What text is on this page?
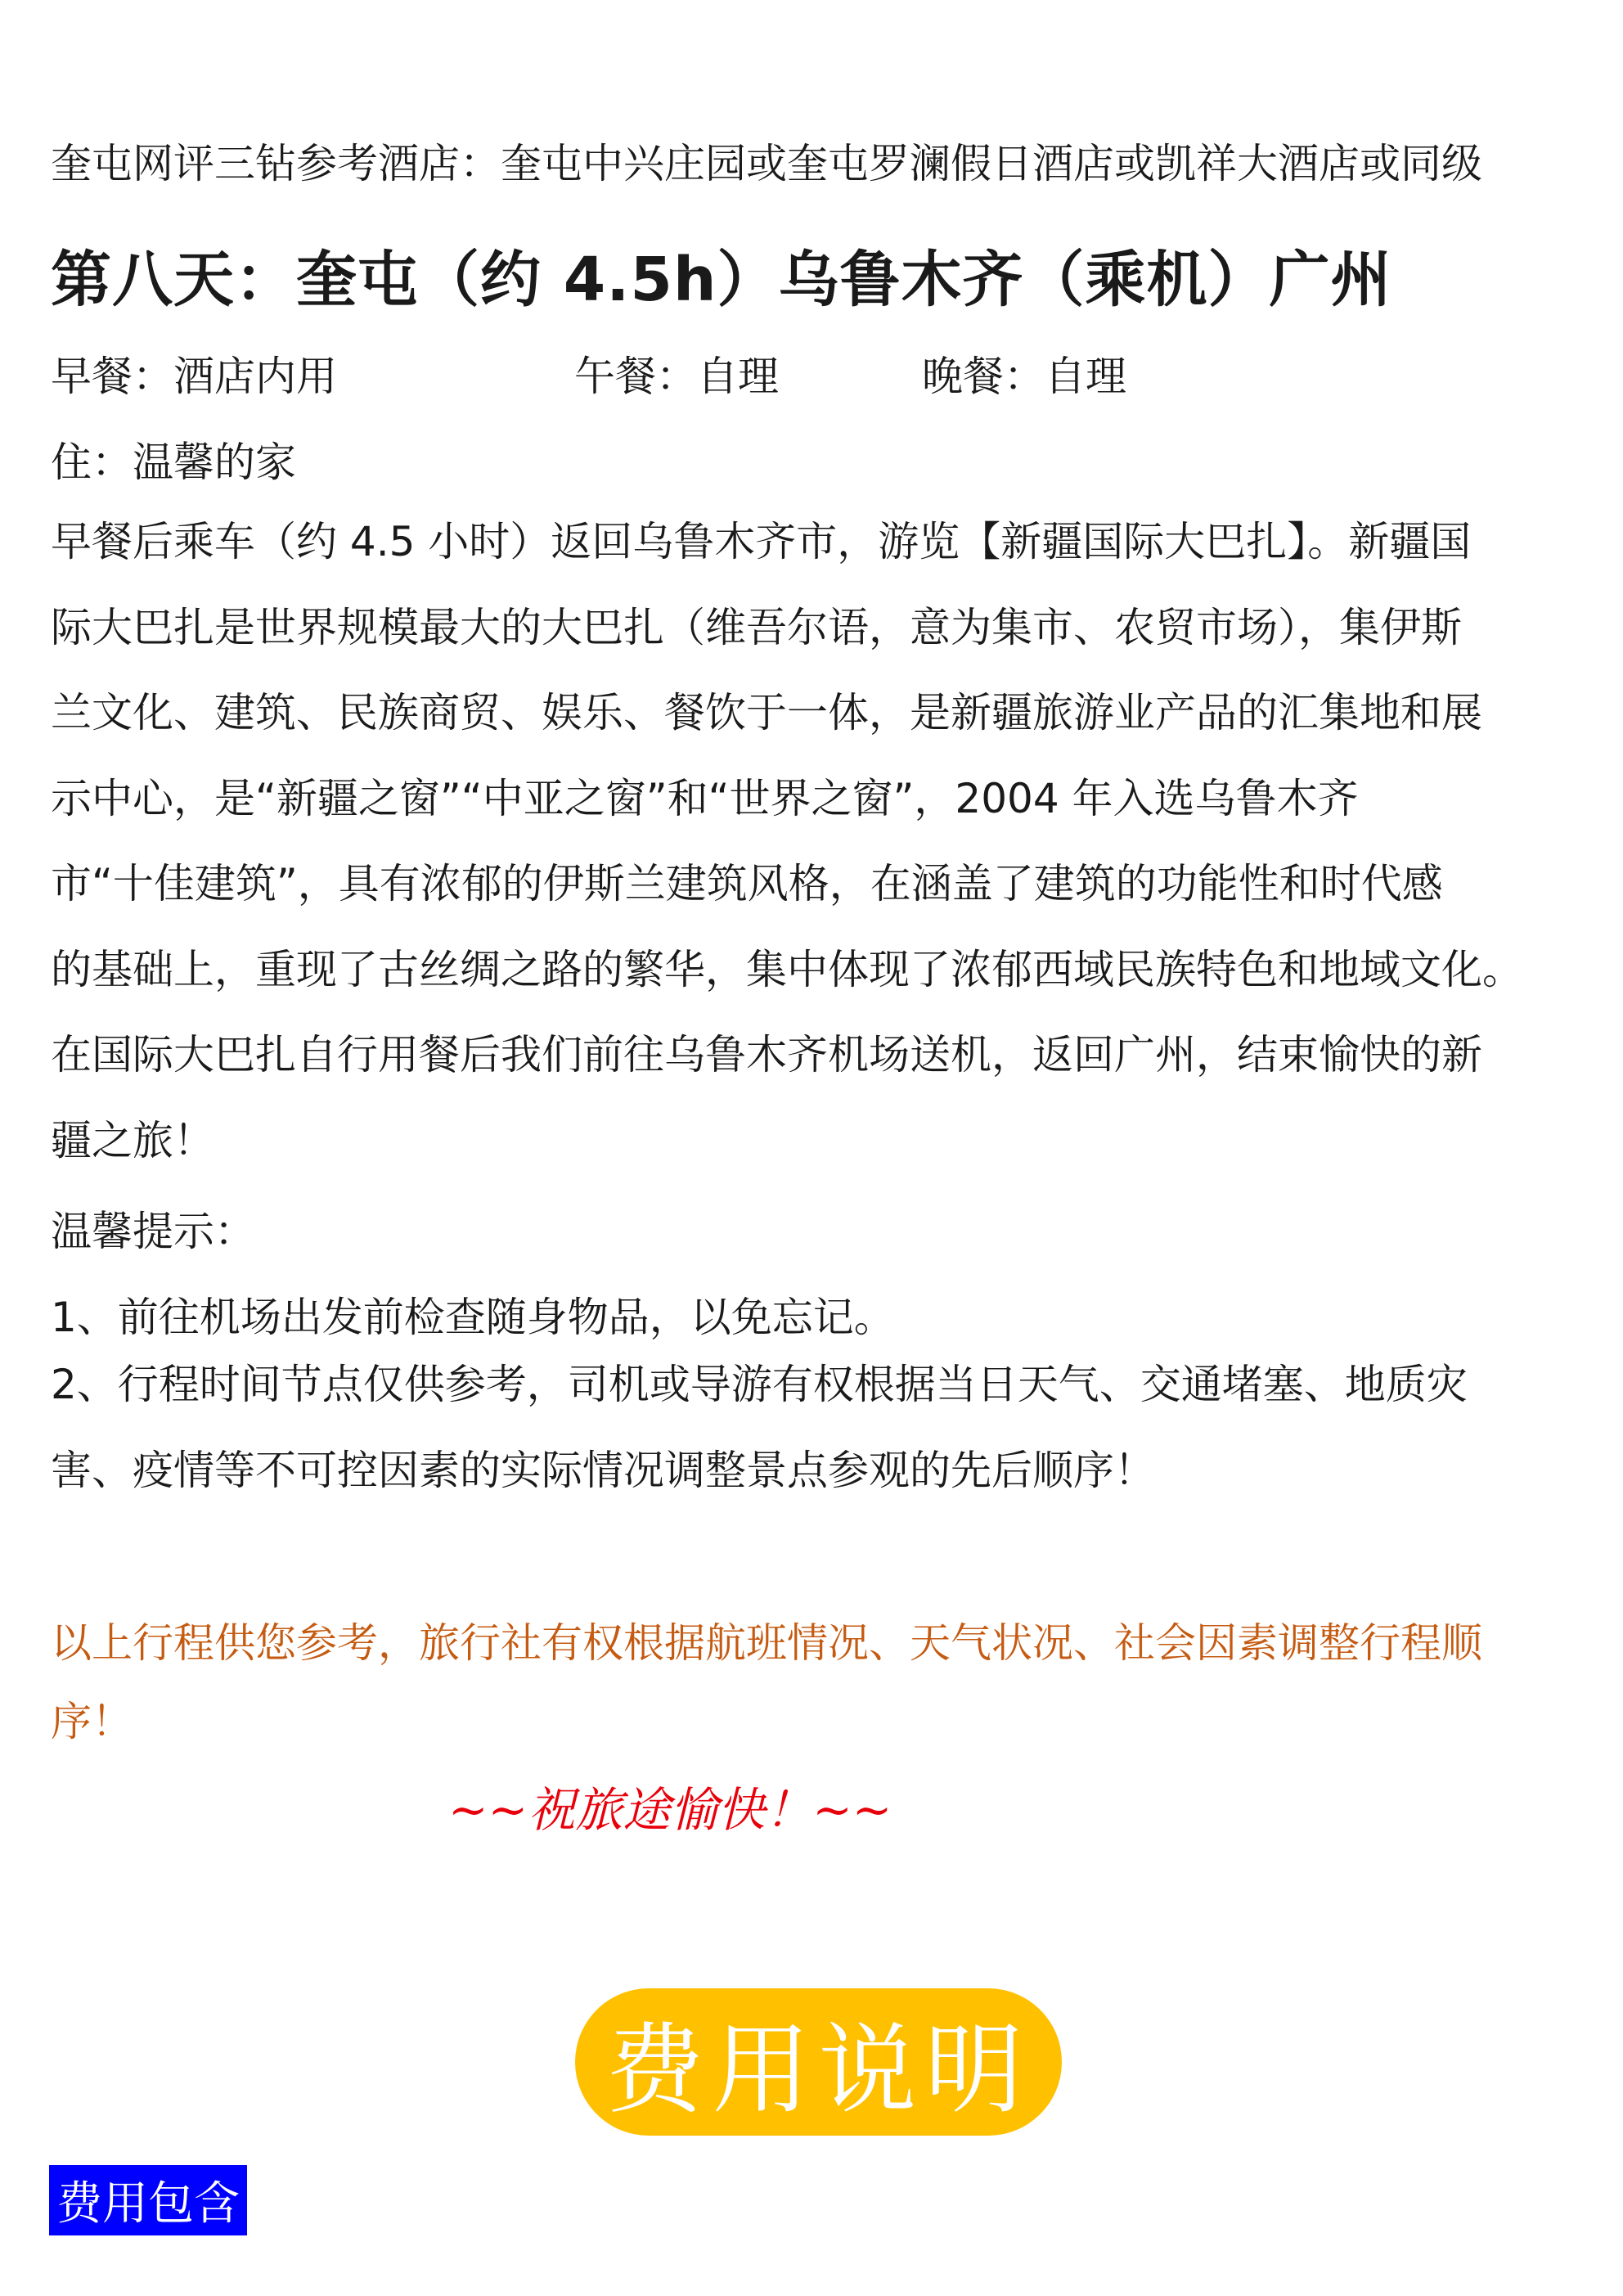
奎屯网评三钻参考酒店：奎屯中兴庄园或奎屯罗澜假日酒店或凯祥大酒店或同级
第八天：奎屯（约 4.5h）乌鲁木齐（乘机）广州
早餐：酒店内用	午餐：自理	晚餐：自理
住：温馨的家
早餐后乘车（约 4.5 小时）返回乌鲁木齐市，游览【新疆国际大巴扎】。新疆国
际大巴扎是世界规模最大的大巴扎（维吾尔语，意为集市、农贸市场），集伊斯
兰文化、建筑、民族商贸、娱乐、餐饮于一体，是新疆旅游业产品的汇集地和展
示中心，是“新疆之窗”“中亚之窗”和“世界之窗”，2004 年入选乌鲁木齐
市“十佳建筑”，具有浓郁的伊斯兰建筑风格，在涵盖了建筑的功能性和时代感
的基础上，重现了古丝绸之路的繁华，集中体现了浓郁西域民族特色和地域文化。
在国际大巴扎自行用餐后我们前往乌鲁木齐机场送机，返回广州，结束愉快的新
疆之旅！
温馨提示：
1、前往机场出发前检查随身物品，以免忘记。
2、行程时间节点仅供参考，司机或导游有权根据当日天气、交通堵塞、地质灾
害、疫情等不可控因素的实际情况调整景点参观的先后顺序！
以上行程供您参考，旅行社有权根据航班情况、天气状况、社会因素调整行程顺
序！
~~祝旅途愉快！~~
费用说明
费用包含
